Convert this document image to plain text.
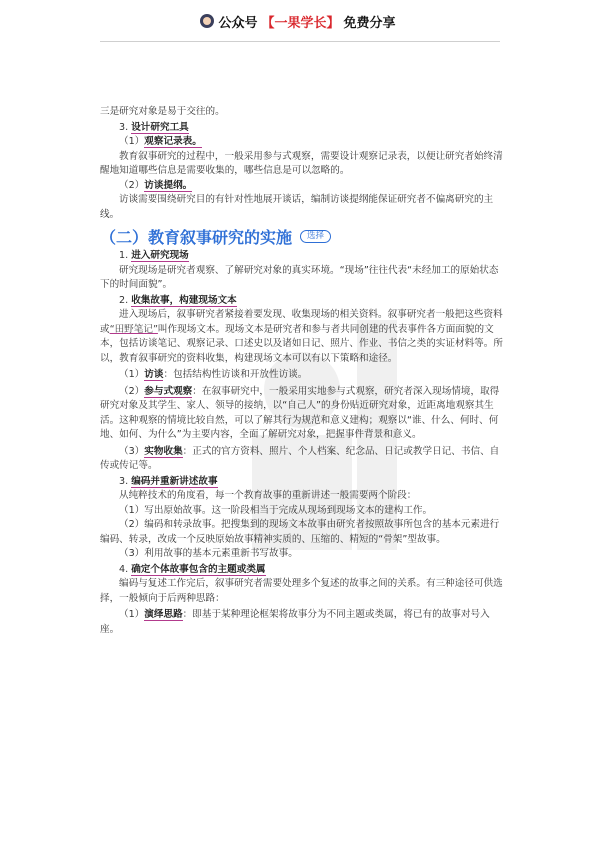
公众号 【一果学长】 免费分享

三是研究对象是易于交往的。

3. 设计研究工具

（1）观察记录表。

教育叙事研究的过程中，一般采用参与式观察，需要设计观察记录表，以便让研究者始终清醒地知道哪些信息是需要收集的，哪些信息是可以忽略的。

（2）访谈提纲。

访谈需要围绕研究目的有针对性地展开谈话，编制访谈提纲能保证研究者不偏离研究的主线。

（二）教育叙事研究的实施	选择

1. 进入研究现场

研究现场是研究者观察、了解研究对象的真实环境。“现场”往往代表“未经加工的原始状态下的时间面貌”。

2. 收集故事，构建现场文本

进入现场后，叙事研究者紧接着要发现、收集现场的相关资料。叙事研究者一般把这些资料或“田野笔记”叫作现场文本。现场文本是研究者和参与者共同创建的代表事件各方面面貌的文本，包括访谈笔记、观察记录、口述史以及诸如日记、照片、作业、书信之类的实证材料等。所以，教育叙事研究的资料收集，构建现场文本可以有以下策略和途径。

（1）访谈：包括结构性访谈和开放性访谈。

（2）参与式观察：在叙事研究中，一般采用实地参与式观察，研究者深入现场情境，取得研究对象及其学生、家人、领导的接纳，以“自己人”的身份贴近研究对象，近距离地观察其生活。这种观察的情境比较自然，可以了解其行为规范和意义建构；观察以“谁、什么、何时、何地、如何、为什么”为主要内容，全面了解研究对象，把握事件背景和意义。

（3）实物收集：正式的官方资料、照片、个人档案、纪念品、日记或教学日记、书信、自传或传记等。

3. 编码并重新讲述故事

从纯粹技术的角度看，每一个教育故事的重新讲述一般需要两个阶段：

（1）写出原始故事。这一阶段相当于完成从现场到现场文本的建构工作。

（2）编码和转录故事。把搜集到的现场文本故事由研究者按照故事所包含的基本元素进行编码、转录，改成一个反映原始故事精神实质的、压缩的、精短的“骨架”型故事。

（3）利用故事的基本元素重新书写故事。

4. 确定个体故事包含的主题或类属

编码与复述工作完后，叙事研究者需要处理多个复述的故事之间的关系。有三种途径可供选择，一般倾向于后两种思路：

（1）演绎思路：即基于某种理论框架将故事分为不同主题或类属，将已有的故事对号入座。
